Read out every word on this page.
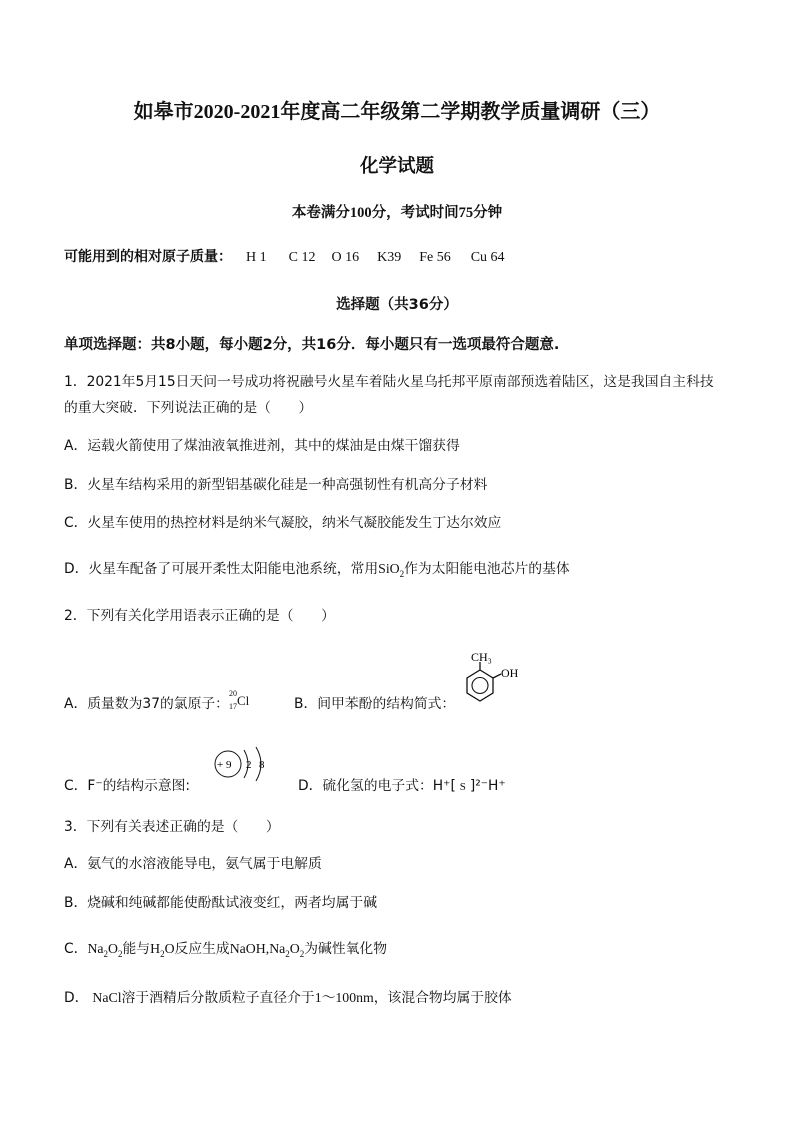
如皋市2020-2021年度高二年级第二学期教学质量调研（三）
化学试题
本卷满分100分，考试时间75分钟
可能用到的相对原子质量： H 1 C 12 O 16 K39 Fe 56 Cu 64
选择题（共36分）
单项选择题：共8小题，每小题2分，共16分．每小题只有一选项最符合题意.
1．2021年5月15日天问一号成功将祝融号火星车着陆火星乌托邦平原南部预选着陆区，这是我国自主科技
的重大突破．下列说法正确的是（　　）
A．运载火箭使用了煤油液氧推进剂，其中的煤油是由煤干馏获得
B．火星车结构采用的新型铝基碳化硅是一种高强韧性有机高分子材料
C．火星车使用的热控材料是纳米气凝胶，纳米气凝胶能发生丁达尔效应
D．火星车配备了可展开柔性太阳能电池系统，常用SiO$_2$作为太阳能电池芯片的基体
2．下列有关化学用语表示正确的是（　　）
A．质量数为37的氯原子：
20
17 Cl	B．间甲苯酚的结构简式：
CH₃
OH
C．F⁻的结构示意图:
+ 9 2 8
D．硫化氢的电子式：H⁺[ S ]²⁻H⁺
3．下列有关表述正确的是（　　）
A．氨气的水溶液能导电，氨气属于电解质
B．烧碱和纯碱都能使酚酞试液变红，两者均属于碱
C．$Na_2O_2$能与$H_2O$反应生成$NaOH,Na_2O_2$为碱性氧化物
D． NaCl溶于酒精后分散质粒子直径介于1～100nm，该混合物均属于胶体
